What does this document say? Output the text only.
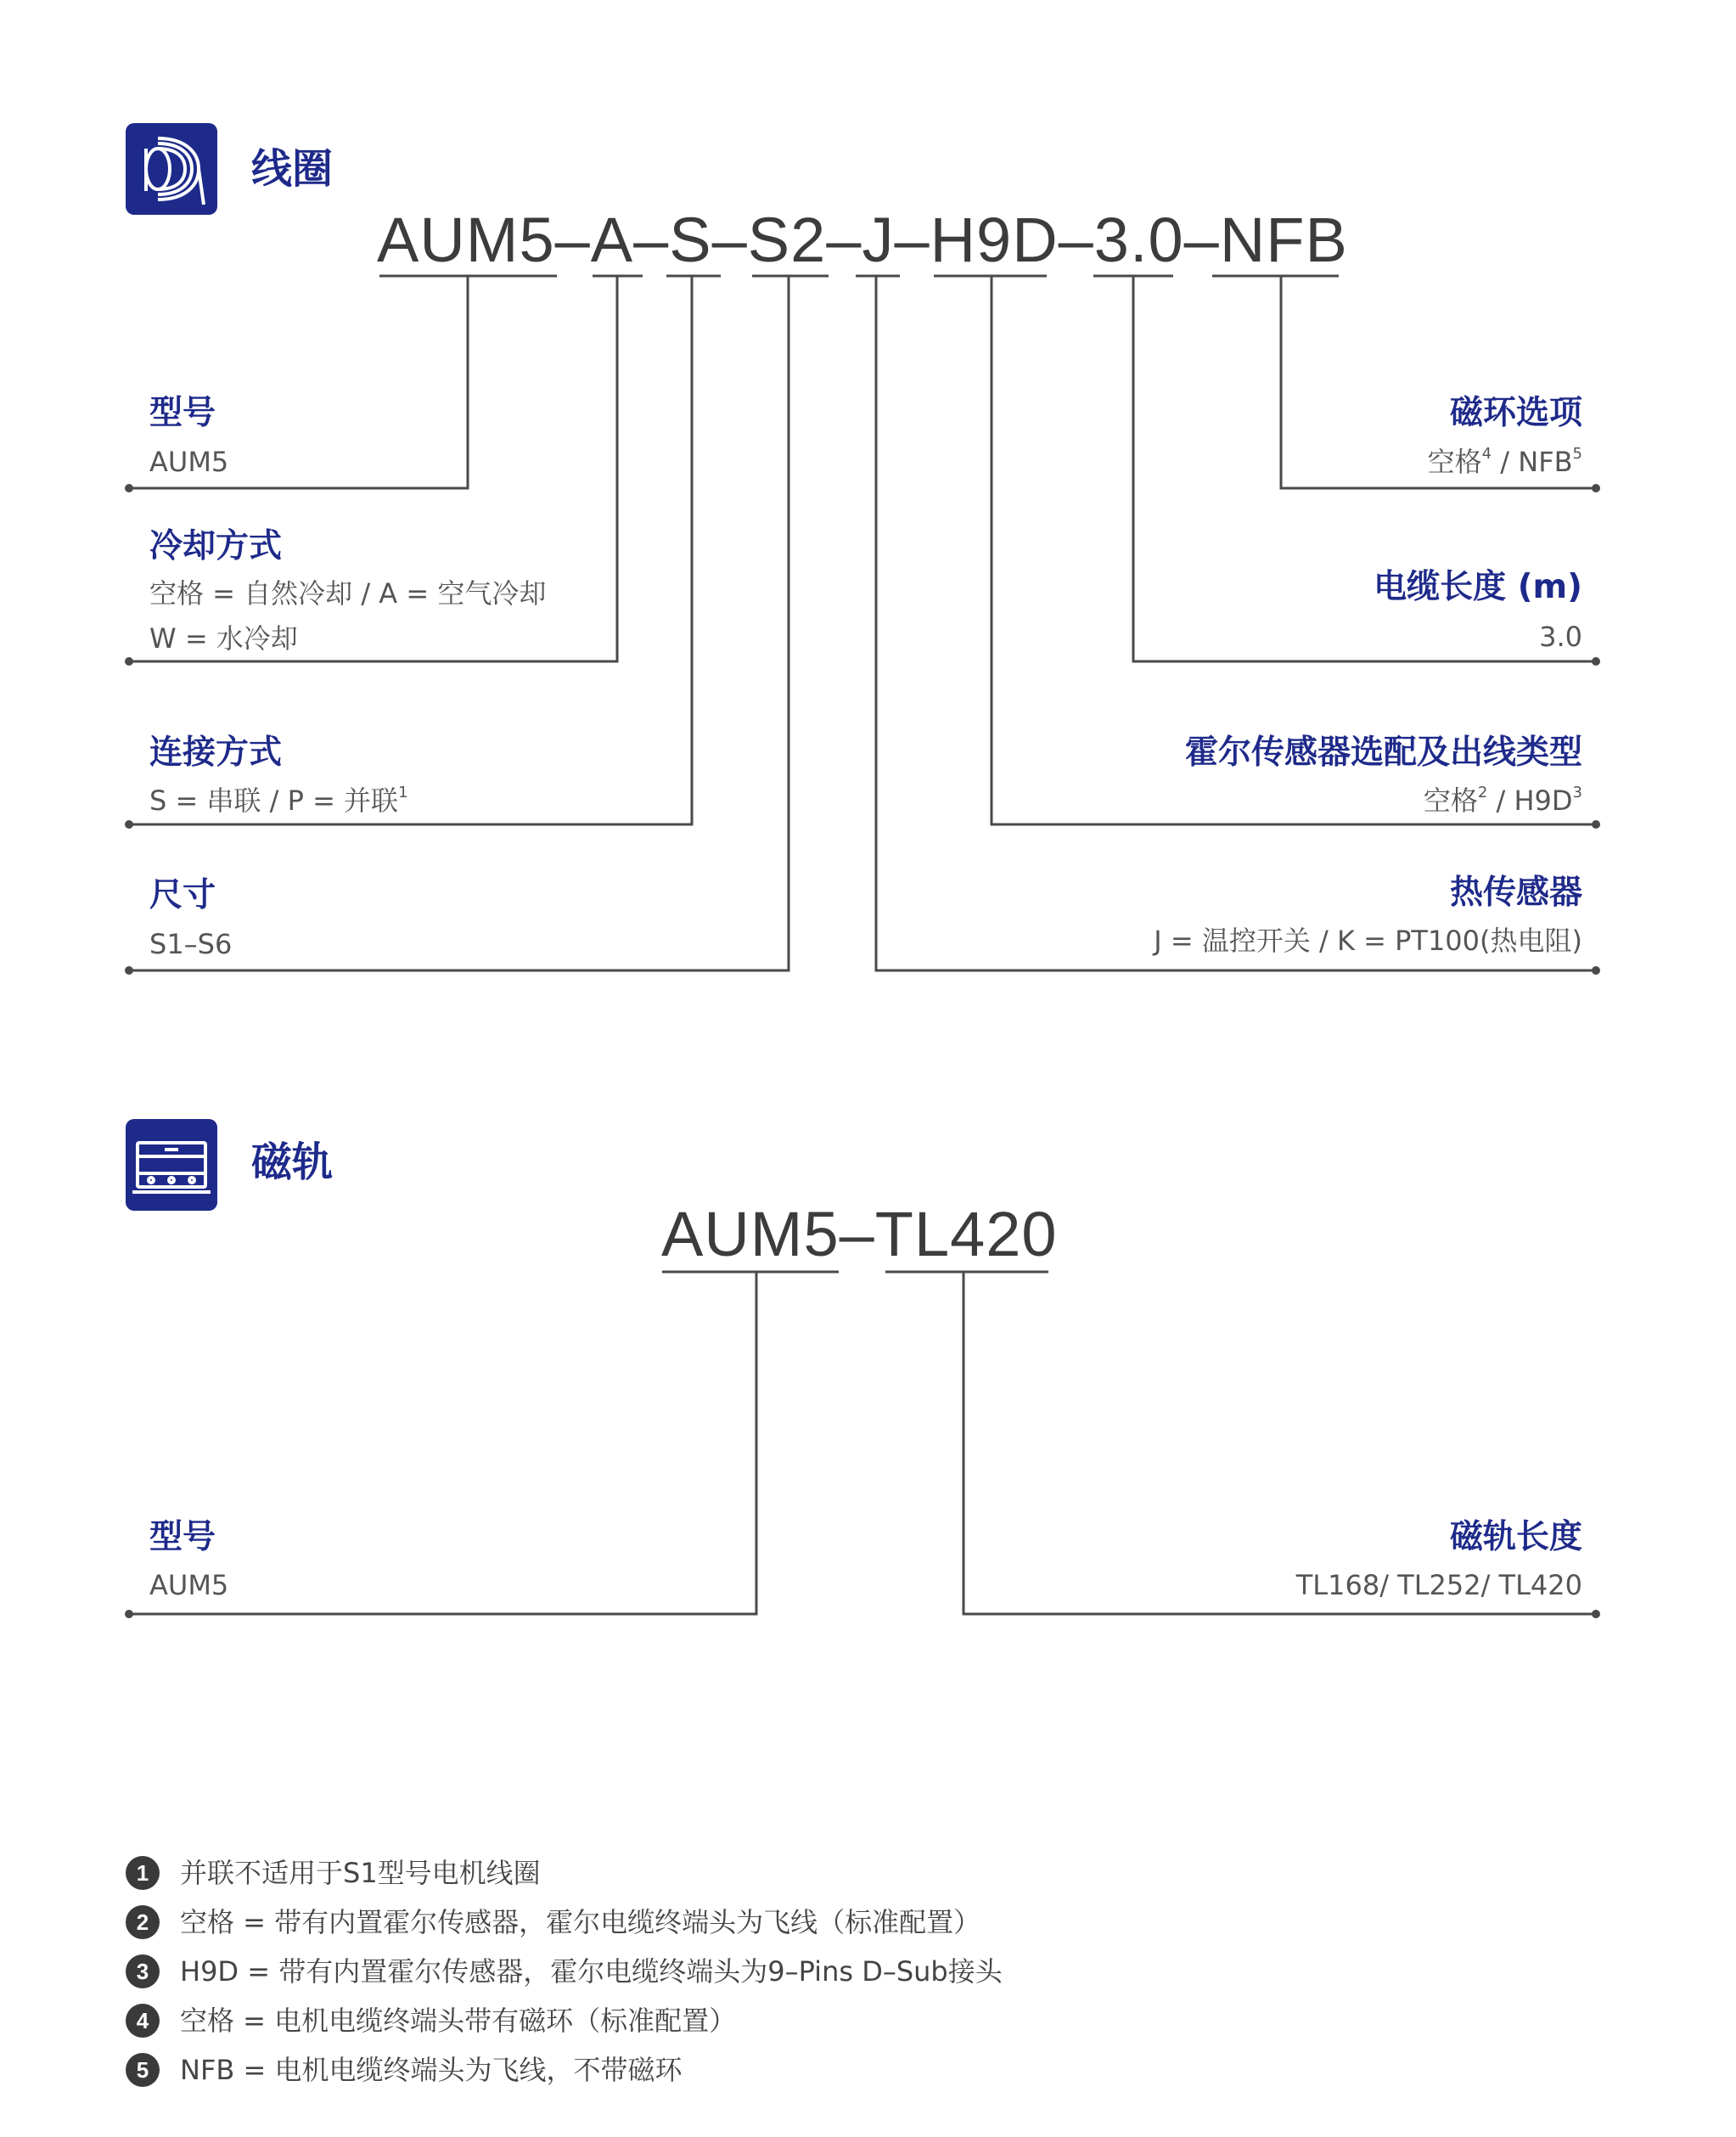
线圈
AUM5–A–S–S2–J–H9D–3.0–NFB
型号
AUM5
冷却方式
空格 = 自然冷却 / A = 空气冷却
W = 水冷却
连接方式
S = 串联 / P = 并联$^1$
尺寸
S1–S6
磁环选项
空格$^4$ / NFB$^5$
电缆长度 (m)
3.0
霍尔传感器选配及出线类型
空格$^2 / H9D^3$
热传感器
J = 温控开关 / K = PT100(热电阻)
磁轨
AUM5–TL420
型号
AUM5
磁轨长度
TL168/ TL252/ TL420
1	并联不适用于S1型号电机线圈
2	空格 = 带有内置霍尔传感器，霍尔电缆终端头为飞线（标准配置）
3	H9D = 带有内置霍尔传感器，霍尔电缆终端头为9–Pins D–Sub接头
4	空格 = 电机电缆终端头带有磁环（标准配置）
5	NFB = 电机电缆终端头为飞线，不带磁环
